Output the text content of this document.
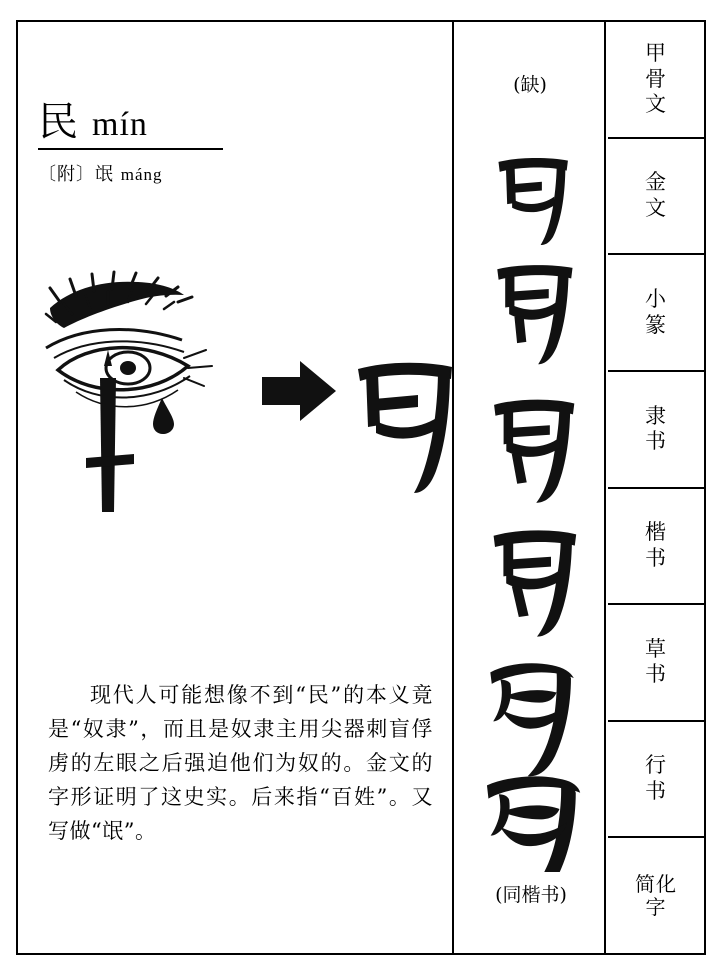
民 mín
〔附〕氓 máng

现代人可能想像不到“民”的本义竟是“奴隶”，而且是奴隶主用尖器刺盲俘虏的左眼之后强迫他们为奴的。金文的字形证明了这史实。后来指“百姓”。又写做“氓”。

(缺)
(同楷书)
甲
骨
文
金
文
小
篆
隶
书
楷
书
草
书
行
书
简化
字
